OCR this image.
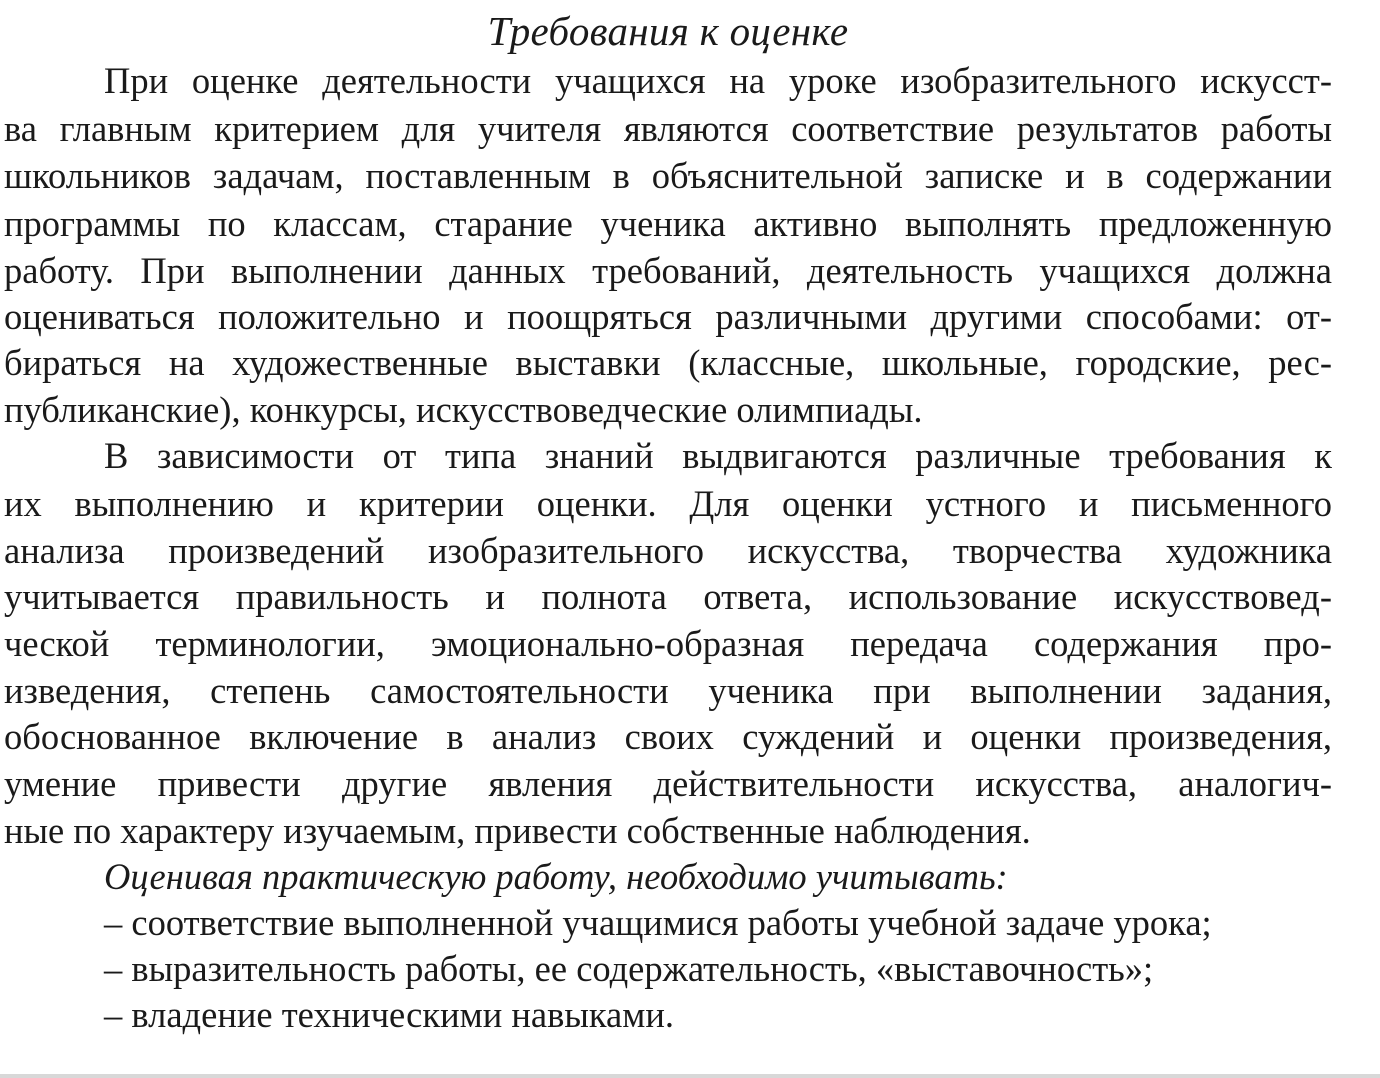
Требования к оценке
При оценке деятельности учащихся на уроке изобразительного искусст-
ва главным критерием для учителя являются соответствие результатов работы
школьников задачам, поставленным в объяснительной записке и в содержании
программы по классам, старание ученика активно выполнять предложенную
работу. При выполнении данных требований, деятельность учащихся должна
оцениваться положительно и поощряться различными другими способами: от-
бираться на художественные выставки (классные, школьные, городские, рес-
публиканские), конкурсы, искусствоведческие олимпиады.
В зависимости от типа знаний выдвигаются различные требования к
их выполнению и критерии оценки. Для оценки устного и письменного
анализа произведений изобразительного искусства, творчества художника
учитывается правильность и полнота ответа, использование искусствовед-
ческой терминологии, эмоционально-образная передача содержания про-
изведения, степень самостоятельности ученика при выполнении задания,
обоснованное включение в анализ своих суждений и оценки произведения,
умение привести другие явления действительности искусства, аналогич-
ные по характеру изучаемым, привести собственные наблюдения.
Оценивая практическую работу, необходимо учитывать:
– соответствие выполненной учащимися работы учебной задаче урока;
– выразительность работы, ее содержательность, «выставочность»;
– владение техническими навыками.
